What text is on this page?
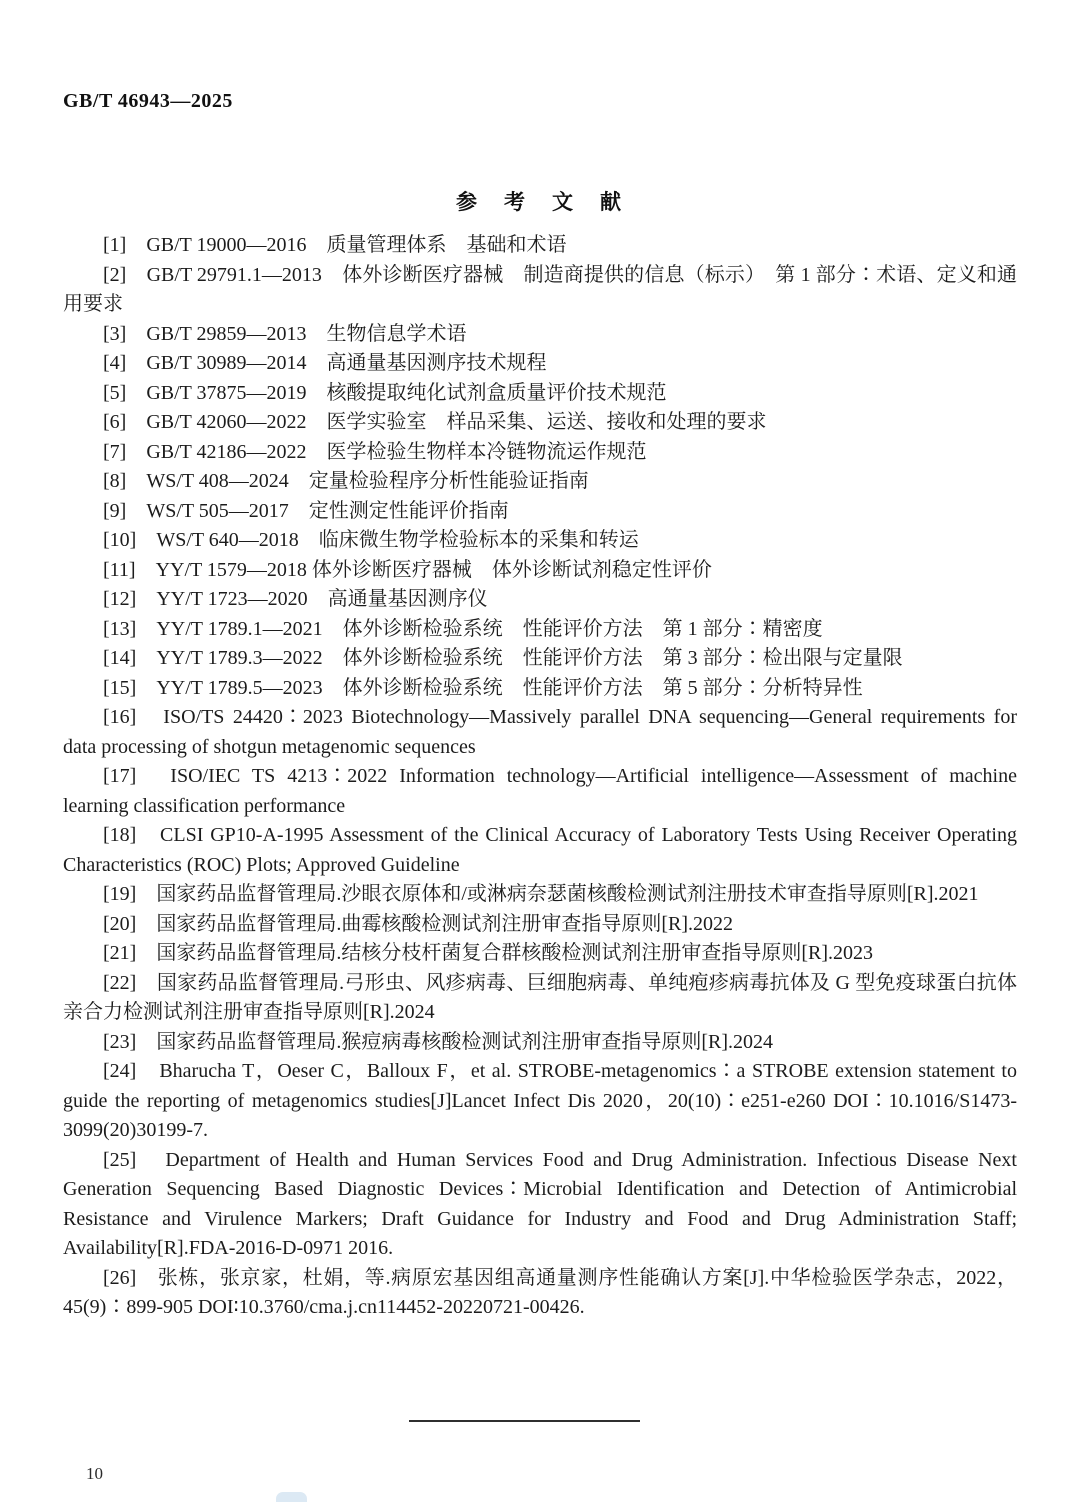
GB/T 46943—2025
参　考　文　献

[1]　GB/T 19000—2016　质量管理体系　基础和术语

[2]　GB/T 29791.1—2013　体外诊断医疗器械　制造商提供的信息（标示）　第 1 部分∶术语、定义和通用要求

[3]　GB/T 29859—2013　生物信息学术语

[4]　GB/T 30989—2014　高通量基因测序技术规程

[5]　GB/T 37875—2019　核酸提取纯化试剂盒质量评价技术规范

[6]　GB/T 42060—2022　医学实验室　样品采集、运送、接收和处理的要求

[7]　GB/T 42186—2022　医学检验生物样本冷链物流运作规范

[8]　WS/T 408—2024　定量检验程序分析性能验证指南

[9]　WS/T 505—2017　定性测定性能评价指南

[10]　WS/T 640—2018　临床微生物学检验标本的采集和转运

[11]　YY/T 1579—2018 体外诊断医疗器械　体外诊断试剂稳定性评价

[12]　YY/T 1723—2020　高通量基因测序仪

[13]　YY/T 1789.1—2021　体外诊断检验系统　性能评价方法　第 1 部分∶精密度

[14]　YY/T 1789.3—2022　体外诊断检验系统　性能评价方法　第 3 部分∶检出限与定量限

[15]　YY/T 1789.5—2023　体外诊断检验系统　性能评价方法　第 5 部分∶分析特异性

[16]　ISO/TS 24420∶2023 Biotechnology—Massively parallel DNA sequencing—General requirements for data processing of shotgun metagenomic sequences

[17]　ISO/IEC TS 4213∶2022 Information technology—Artificial intelligence—Assessment of machine learning classification performance

[18]　CLSI GP10-A-1995 Assessment of the Clinical Accuracy of Laboratory Tests Using Receiver Operating Characteristics (ROC) Plots; Approved Guideline

[19]　国家药品监督管理局.沙眼衣原体和/或淋病奈瑟菌核酸检测试剂注册技术审查指导原则[R].2021

[20]　国家药品监督管理局.曲霉核酸检测试剂注册审查指导原则[R].2022

[21]　国家药品监督管理局.结核分枝杆菌复合群核酸检测试剂注册审查指导原则[R].2023

[22]　国家药品监督管理局.弓形虫、风疹病毒、巨细胞病毒、单纯疱疹病毒抗体及 G 型免疫球蛋白抗体亲合力检测试剂注册审查指导原则[R].2024

[23]　国家药品监督管理局.猴痘病毒核酸检测试剂注册审查指导原则[R].2024

[24]　Bharucha T，Oeser C，Balloux F，et al. STROBE-metagenomics∶a STROBE extension statement to guide the reporting of metagenomics studies[J]Lancet Infect Dis 2020，20(10)∶e251-e260 DOI∶10.1016/S1473-3099(20)30199-7.

[25]　Department of Health and Human Services Food and Drug Administration. Infectious Disease Next Generation Sequencing Based Diagnostic Devices∶Microbial Identification and Detection of Antimicrobial Resistance and Virulence Markers; Draft Guidance for Industry and Food and Drug Administration Staff; Availability[R].FDA-2016-D-0971 2016.

[26]　张栋，张京家，杜娟，等.病原宏基因组高通量测序性能确认方案[J].中华检验医学杂志，2022，45(9)∶899-905 DOI∶10.3760/cma.j.cn114452-20220721-00426.

10
